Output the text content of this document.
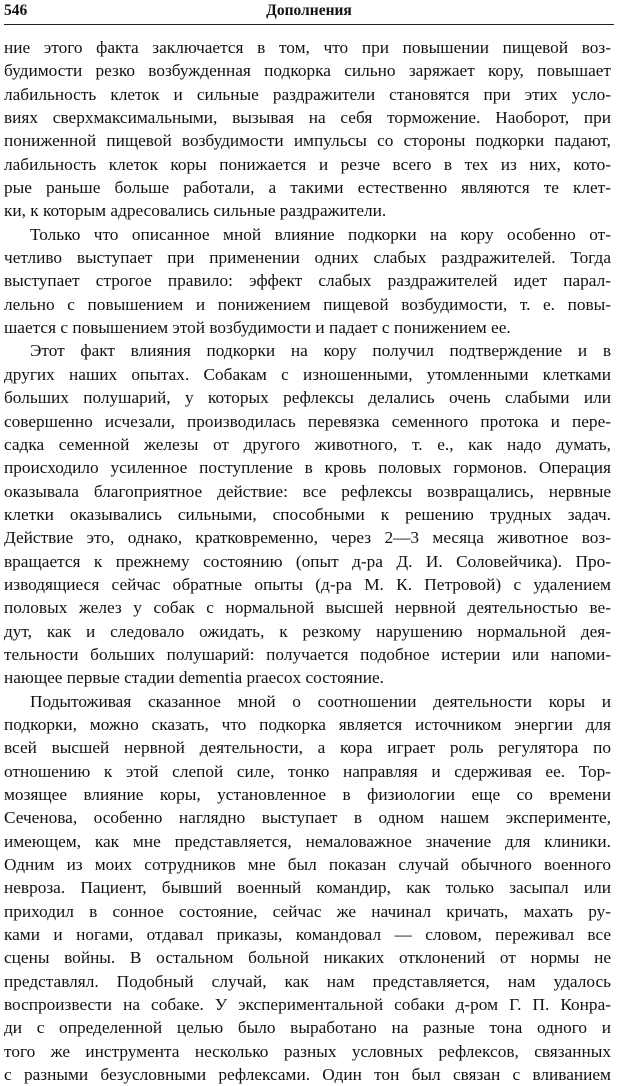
546	Дополнения
ние этого факта заключается в том, что при повышении пищевой воз-
будимости резко возбужденная подкорка сильно заряжает кору, повышает
лабильность клеток и сильные раздражители становятся при этих усло-
виях сверхмаксимальными, вызывая на себя торможение. Наоборот, при
пониженной пищевой возбудимости импульсы со стороны подкорки падают,
лабильность клеток коры понижается и резче всего в тех из них, кото-
рые раньше больше работали, а такими естественно являются те клет-
ки, к которым адресовались сильные раздражители.
Только что описанное мной влияние подкорки на кору особенно от-
четливо выступает при применении одних слабых раздражителей. Тогда
выступает строгое правило: эффект слабых раздражителей идет парал-
лельно с повышением и понижением пищевой возбудимости, т. е. повы-
шается с повышением этой возбудимости и падает с понижением ее.
Этот факт влияния подкорки на кору получил подтверждение и в
других наших опытах. Собакам с изношенными, утомленными клетками
больших полушарий, у которых рефлексы делались очень слабыми или
совершенно исчезали, производилась перевязка семенного протока и пере-
садка семенной железы от другого животного, т. е., как надо думать,
происходило усиленное поступление в кровь половых гормонов. Операция
оказывала благоприятное действие: все рефлексы возвращались, нервные
клетки оказывались сильными, способными к решению трудных задач.
Действие это, однако, кратковременно, через 2—3 месяца животное воз-
вращается к прежнему состоянию (опыт д-ра Д. И. Соловейчика). Про-
изводящиеся сейчас обратные опыты (д-ра М. К. Петровой) с удалением
половых желез у собак с нормальной высшей нервной деятельностью ве-
дут, как и следовало ожидать, к резкому нарушению нормальной дея-
тельности больших полушарий: получается подобное истерии или напоми-
нающее первые стадии dementia praecox состояние.
Подытоживая сказанное мной о соотношении деятельности коры и
подкорки, можно сказать, что подкорка является источником энергии для
всей высшей нервной деятельности, а кора играет роль регулятора по
отношению к этой слепой силе, тонко направляя и сдерживая ее. Тор-
мозящее влияние коры, установленное в физиологии еще со времени
Сеченова, особенно наглядно выступает в одном нашем эксперименте,
имеющем, как мне представляется, немаловажное значение для клиники.
Одним из моих сотрудников мне был показан случай обычного военного
невроза. Пациент, бывший военный командир, как только засыпал или
приходил в сонное состояние, сейчас же начинал кричать, махать ру-
ками и ногами, отдавал приказы, командовал — словом, переживал все
сцены войны. В остальном больной никаких отклонений от нормы не
представлял. Подобный случай, как нам представляется, нам удалось
воспроизвести на собаке. У экспериментальной собаки д-ром Г. П. Конра-
ди с определенной целью было выработано на разные тона одного и
того же инструмента несколько разных условных рефлексов, связанных
с разными безусловными рефлексами. Один тон был связан с вливанием
